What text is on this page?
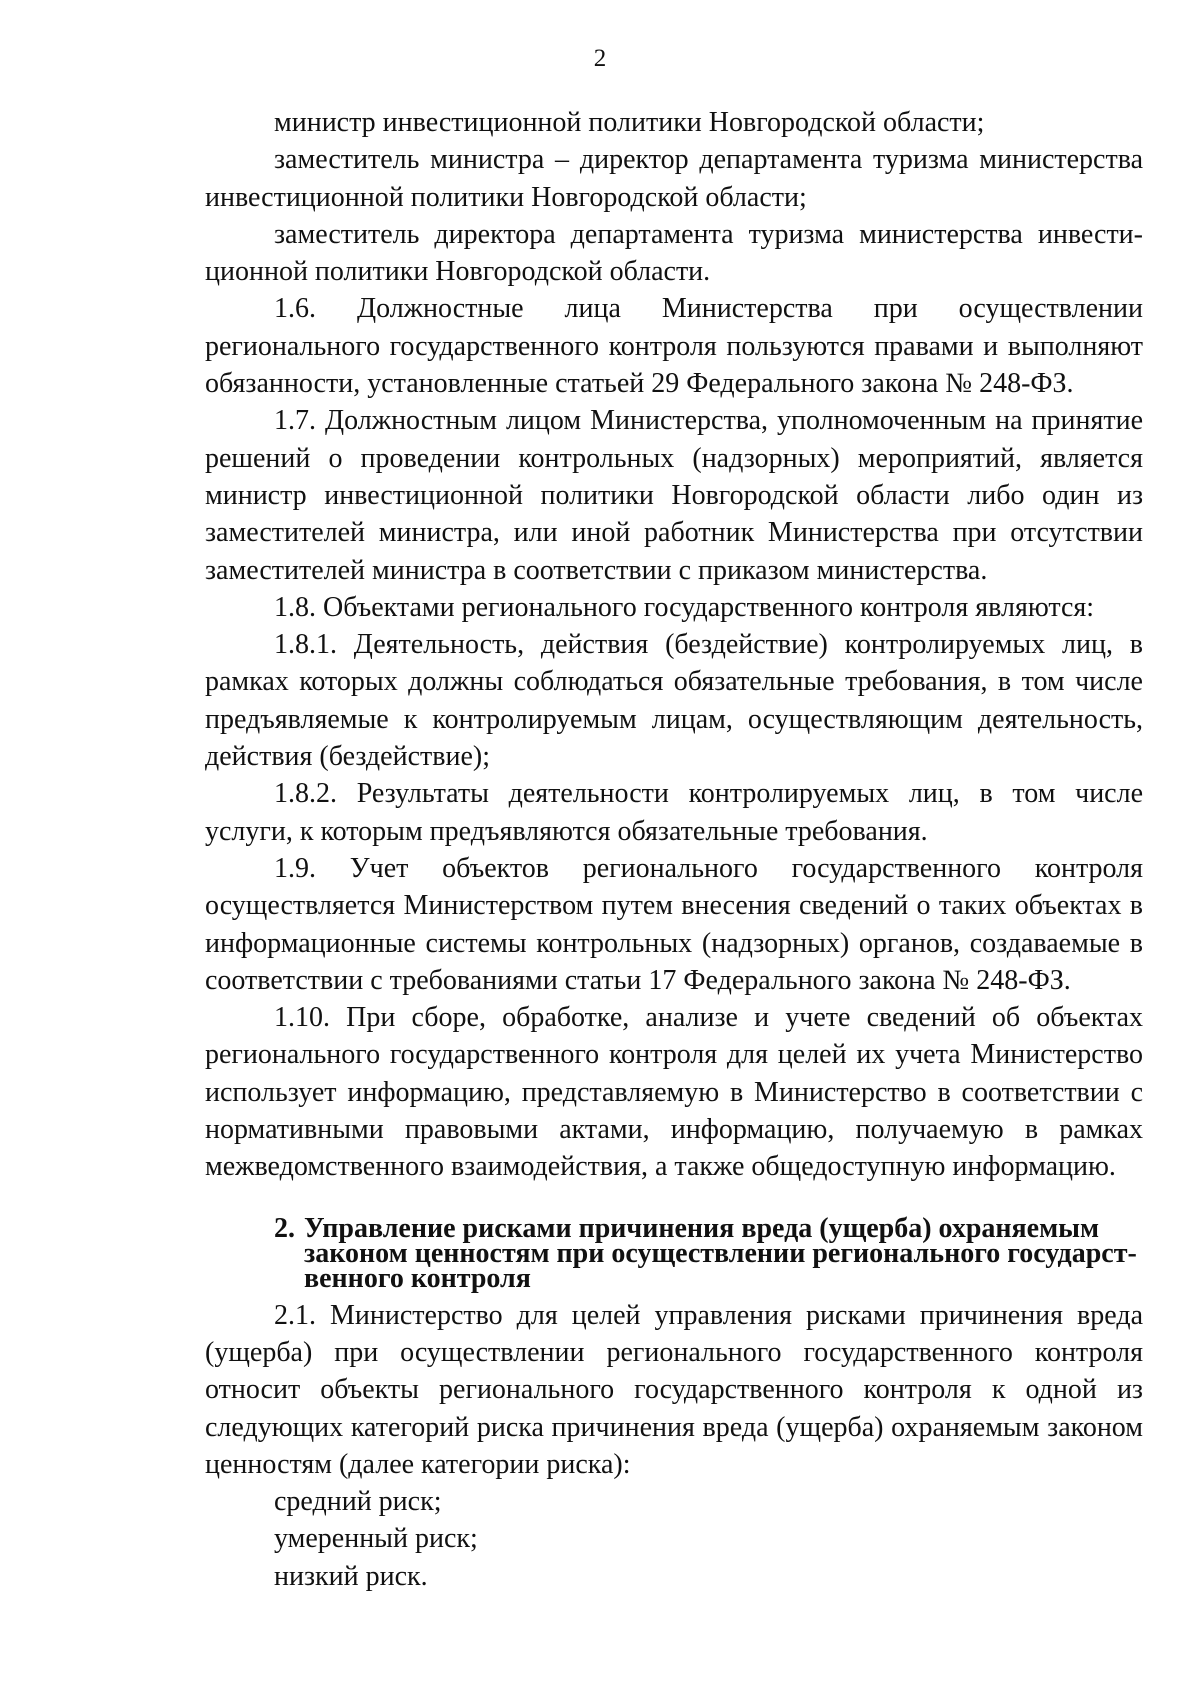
2

министр инвестиционной политики Новгородской области;

заместитель министра – директор департамента туризма министерства инвестиционной политики Новгородской области;

заместитель директора департамента туризма министерства инвестиционной политики Новгородской области.

1.6. Должностные лица Министерства при осуществлении регионального государственного контроля пользуются правами и выполняют обязанности, установленные статьей 29 Федерального закона № 248-ФЗ.

1.7. Должностным лицом Министерства, уполномоченным на принятие решений о проведении контрольных (надзорных) мероприятий, является министр инвестиционной политики Новгородской области либо один из заместителей министра, или иной работник Министерства при отсутствии заместителей министра в соответствии с приказом министерства.

1.8. Объектами регионального государственного контроля являются:

1.8.1. Деятельность, действия (бездействие) контролируемых лиц, в рамках которых должны соблюдаться обязательные требования, в том числе предъявляемые к контролируемым лицам, осуществляющим деятельность, действия (бездействие);

1.8.2. Результаты деятельности контролируемых лиц, в том числе услуги, к которым предъявляются обязательные требования.

1.9. Учет объектов регионального государственного контроля осуществляется Министерством путем внесения сведений о таких объектах в информационные системы контрольных (надзорных) органов, создаваемые в соответствии с требованиями статьи 17 Федерального закона № 248-ФЗ.

1.10. При сборе, обработке, анализе и учете сведений об объектах регионального государственного контроля для целей их учета Министерство использует информацию, представляемую в Министерство в соответствии с нормативными правовыми актами, информацию, получаемую в рамках межведомственного взаимодействия, а также общедоступную информацию.

2. Управление рисками причинения вреда (ущерба) охраняемым
законом ценностям при осуществлении регионального государст-
венного контроля

2.1. Министерство для целей управления рисками причинения вреда (ущерба) при осуществлении регионального государственного контроля относит объекты регионального государственного контроля к одной из следующих категорий риска причинения вреда (ущерба) охраняемым законом ценностям (далее категории риска):

средний риск;

умеренный риск;

низкий риск.
